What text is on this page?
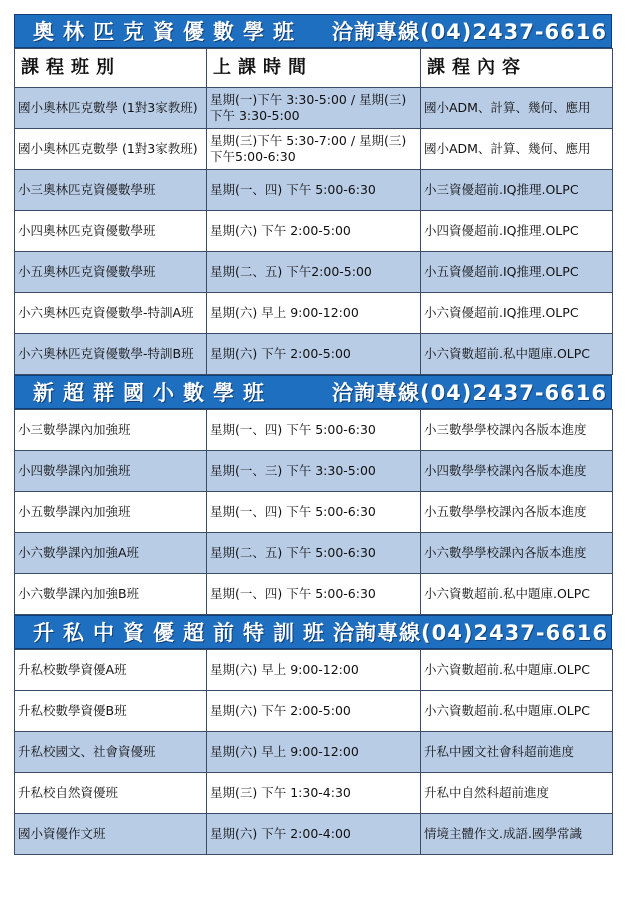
奧林匹克資優數學班 洽詢專線(04)2437-6616
課程班別	上課時間	課程內容
國小奧林匹克數學 (1對3家教班)	星期(一)下午 3:30-5:00 / 星期(三) 下午 3:30-5:00	國小ADM、計算、幾何、應用
國小奧林匹克數學 (1對3家教班)	星期(三)下午 5:30-7:00 / 星期(三) 下午5:00-6:30	國小ADM、計算、幾何、應用
小三奧林匹克資優數學班	星期(一、四) 下午 5:00-6:30	小三資優超前.IQ推理.OLPC
小四奧林匹克資優數學班	星期(六) 下午 2:00-5:00	小四資優超前.IQ推理.OLPC
小五奧林匹克資優數學班	星期(二、五) 下午2:00-5:00	小五資優超前.IQ推理.OLPC
小六奧林匹克資優數學-特訓A班	星期(六) 早上 9:00-12:00	小六資優超前.IQ推理.OLPC
小六奧林匹克資優數學-特訓B班	星期(六) 下午 2:00-5:00	小六資數超前.私中題庫.OLPC
新超群國小數學班	洽詢專線(04)2437-6616
小三數學課內加強班	星期(一、四) 下午 5:00-6:30	小三數學學校課內各版本進度
小四數學課內加強班	星期(一、三) 下午 3:30-5:00	小四數學學校課內各版本進度
小五數學課內加強班	星期(一、四) 下午 5:00-6:30	小五數學學校課內各版本進度
小六數學課內加強A班	星期(二、五) 下午 5:00-6:30	小六數學學校課內各版本進度
小六數學課內加強B班	星期(一、四) 下午 5:00-6:30	小六資數超前.私中題庫.OLPC
升私中資優超前特訓班 洽詢專線(04)2437-6616
升私校數學資優A班	星期(六) 早上 9:00-12:00	小六資數超前.私中題庫.OLPC
升私校數學資優B班	星期(六) 下午 2:00-5:00	小六資數超前.私中題庫.OLPC
升私校國文、社會資優班	星期(六) 早上 9:00-12:00	升私中國文社會科超前進度
升私校自然資優班	星期(三) 下午 1:30-4:30	升私中自然科超前進度
國小資優作文班	星期(六) 下午 2:00-4:00	情境主體作文.成語.國學常識
